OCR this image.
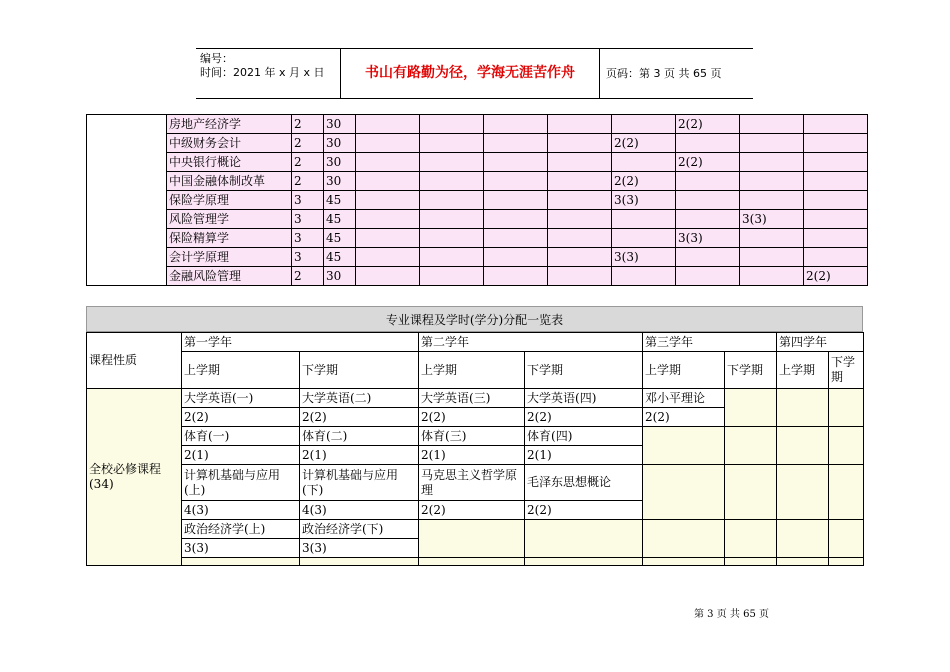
编号：
时间：2021 年 x 月 x 日	书山有路勤为径，学海无涯苦作舟	页码：第 3 页 共 65 页
	房地产经济学	2	30						2(2)		
	中级财务会计	2	30					2(2)			
	中央银行概论	2	30						2(2)		
	中国金融体制改革	2	30					2(2)			
	保险学原理	3	45					3(3)			
	风险管理学	3	45							3(3)	
	保险精算学	3	45						3(3)		
	会计学原理	3	45					3(3)			
	金融风险管理	2	30								2(2)
专业课程及学时(学分)分配一览表
课程性质	第一学年		第二学年		第三学年		第四学年	
	上学期	下学期	上学期	下学期	上学期	下学期	上学期	下学期
全校必修课程(34)	大学英语(一)	大学英语(二)	大学英语(三)	大学英语(四)	邓小平理论			
	2(2)	2(2)	2(2)	2(2)	2(2)			
	体育(一)	体育(二)	体育(三)	体育(四)				
	2(1)	2(1)	2(1)	2(1)				
	计算机基础与应用(上)	计算机基础与应用(下)	马克思主义哲学原理	毛泽东思想概论				
	4(3)	4(3)	2(2)	2(2)				
	政治经济学(上)	政治经济学(下)						
	3(3)	3(3)						

第 3 页 共 65 页
